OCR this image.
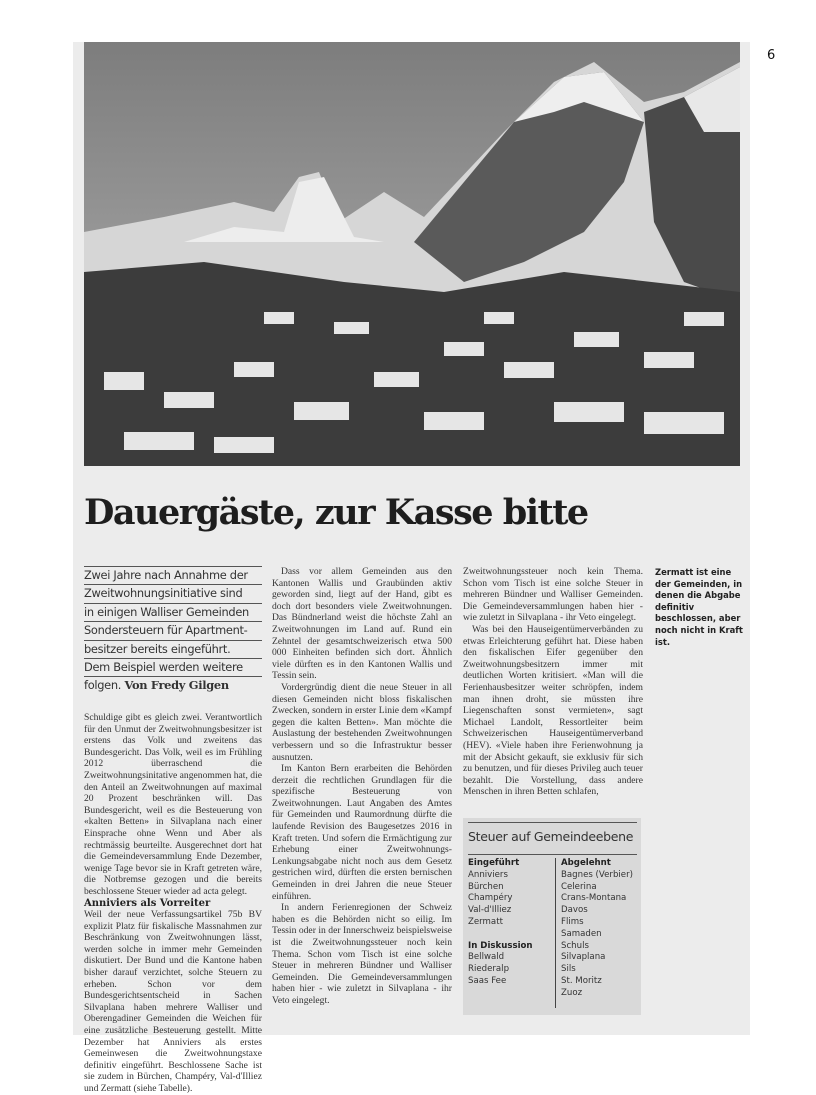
6
Dauergäste, zur Kasse bitte
Zwei Jahre nach Annahme der
Zweitwohnungsinitiative sind
in einigen Walliser Gemeinden
Sondersteuern für Apartment-
besitzer bereits eingeführt.
Dem Beispiel werden weitere
folgen. Von Fredy Gilgen

Schuldige gibt es gleich zwei. Verantwortlich für den Unmut der Zweitwohnungsbesitzer ist erstens das Volk und zweitens das Bundesgericht. Das Volk, weil es im Frühling 2012 überraschend die Zweitwohnungsinitative angenommen hat, die den Anteil an Zweitwohnungen auf maximal 20 Prozent beschränken will. Das Bundesgericht, weil es die Besteuerung von «kalten Betten» in Silvaplana nach einer Einsprache ohne Wenn und Aber als rechtmässig beurteilte. Ausgerechnet dort hat die Gemeindeversammlung Ende Dezember, wenige Tage bevor sie in Kraft getreten wäre, die Notbremse gezogen und die bereits beschlossene Steuer wieder ad acta gelegt.

Anniviers als Vorreiter

Weil der neue Verfassungsartikel 75b BV explizit Platz für fiskalische Massnahmen zur Beschränkung von Zweitwohnungen lässt, werden solche in immer mehr Gemeinden diskutiert. Der Bund und die Kantone haben bisher darauf verzichtet, solche Steuern zu erheben. Schon vor dem Bundesgerichtsentscheid in Sachen Silvaplana haben mehrere Walliser und Oberengadiner Gemeinden die Weichen für eine zusätzliche Besteuerung gestellt. Mitte Dezember hat Anniviers als erstes Gemeinwesen die Zweitwohnungstaxe definitiv eingeführt. Beschlossene Sache ist sie zudem in Bürchen, Champéry, Val-d'Illiez und Zermatt (siehe Tabelle).

Dass vor allem Gemeinden aus den Kantonen Wallis und Graubünden aktiv geworden sind, liegt auf der Hand, gibt es doch dort besonders viele Zweitwohnungen. Das Bündnerland weist die höchste Zahl an Zweitwohnungen im Land auf. Rund ein Zehntel der gesamtschweizerisch etwa 500 000 Einheiten befinden sich dort. Ähnlich viele dürften es in den Kantonen Wallis und Tessin sein.

Vordergründig dient die neue Steuer in all diesen Gemeinden nicht bloss fiskalischen Zwecken, sondern in erster Linie dem «Kampf gegen die kalten Betten». Man möchte die Auslastung der bestehenden Zweitwohnungen verbessern und so die Infrastruktur besser ausnutzen.

Im Kanton Bern erarbeiten die Behörden derzeit die rechtlichen Grundlagen für die spezifische Besteuerung von Zweitwohnungen. Laut Angaben des Amtes für Gemeinden und Raumordnung dürfte die laufende Revision des Baugesetzes 2016 in Kraft treten. Und sofern die Ermächtigung zur Erhebung einer Zweitwohnungs-Lenkungsabgabe nicht noch aus dem Gesetz gestrichen wird, dürften die ersten bernischen Gemeinden in drei Jahren die neue Steuer einführen.

In andern Ferienregionen der Schweiz haben es die Behörden nicht so eilig. Im Tessin oder in der Innerschweiz beispielsweise ist die Zweitwohnungssteuer noch kein Thema. Schon vom Tisch ist eine solche Steuer in mehreren Bündner und Walliser Gemeinden. Die Gemeindeversammlungen haben hier - wie zuletzt in Silvaplana - ihr Veto eingelegt.

Zweitwohnungssteuer noch kein Thema. Schon vom Tisch ist eine solche Steuer in mehreren Bündner und Walliser Gemeinden. Die Gemeindeversammlungen haben hier - wie zuletzt in Silvaplana - ihr Veto eingelegt.

Was bei den Hauseigentümerverbänden zu etwas Erleichterung geführt hat. Diese haben den fiskalischen Eifer gegenüber den Zweitwohnungsbesitzern immer mit deutlichen Worten kritisiert. «Man will die Ferienhausbesitzer weiter schröpfen, indem man ihnen droht, sie müssten ihre Liegenschaften sonst vermieten», sagt Michael Landolt, Ressortleiter beim Schweizerischen Hauseigentümerverband (HEV). «Viele haben ihre Ferienwohnung ja mit der Absicht gekauft, sie exklusiv für sich zu benutzen, und für dieses Privileg auch teuer bezahlt. Die Vorstellung, dass andere Menschen in ihren Betten schlafen,

Zermatt ist eine der Gemeinden, in denen die Abgabe definitiv beschlossen, aber noch nicht in Kraft ist.
Steuer auf Gemeindeebene
Eingeführt
Anniviers
Bürchen
Champéry
Val-d'Illiez
Zermatt

In Diskussion
Bellwald
Riederalp
Saas Fee
Abgelehnt
Bagnes (Verbier)
Celerina
Crans-Montana
Davos
Flims
Samaden
Schuls
Silvaplana
Sils
St. Moritz
Zuoz
